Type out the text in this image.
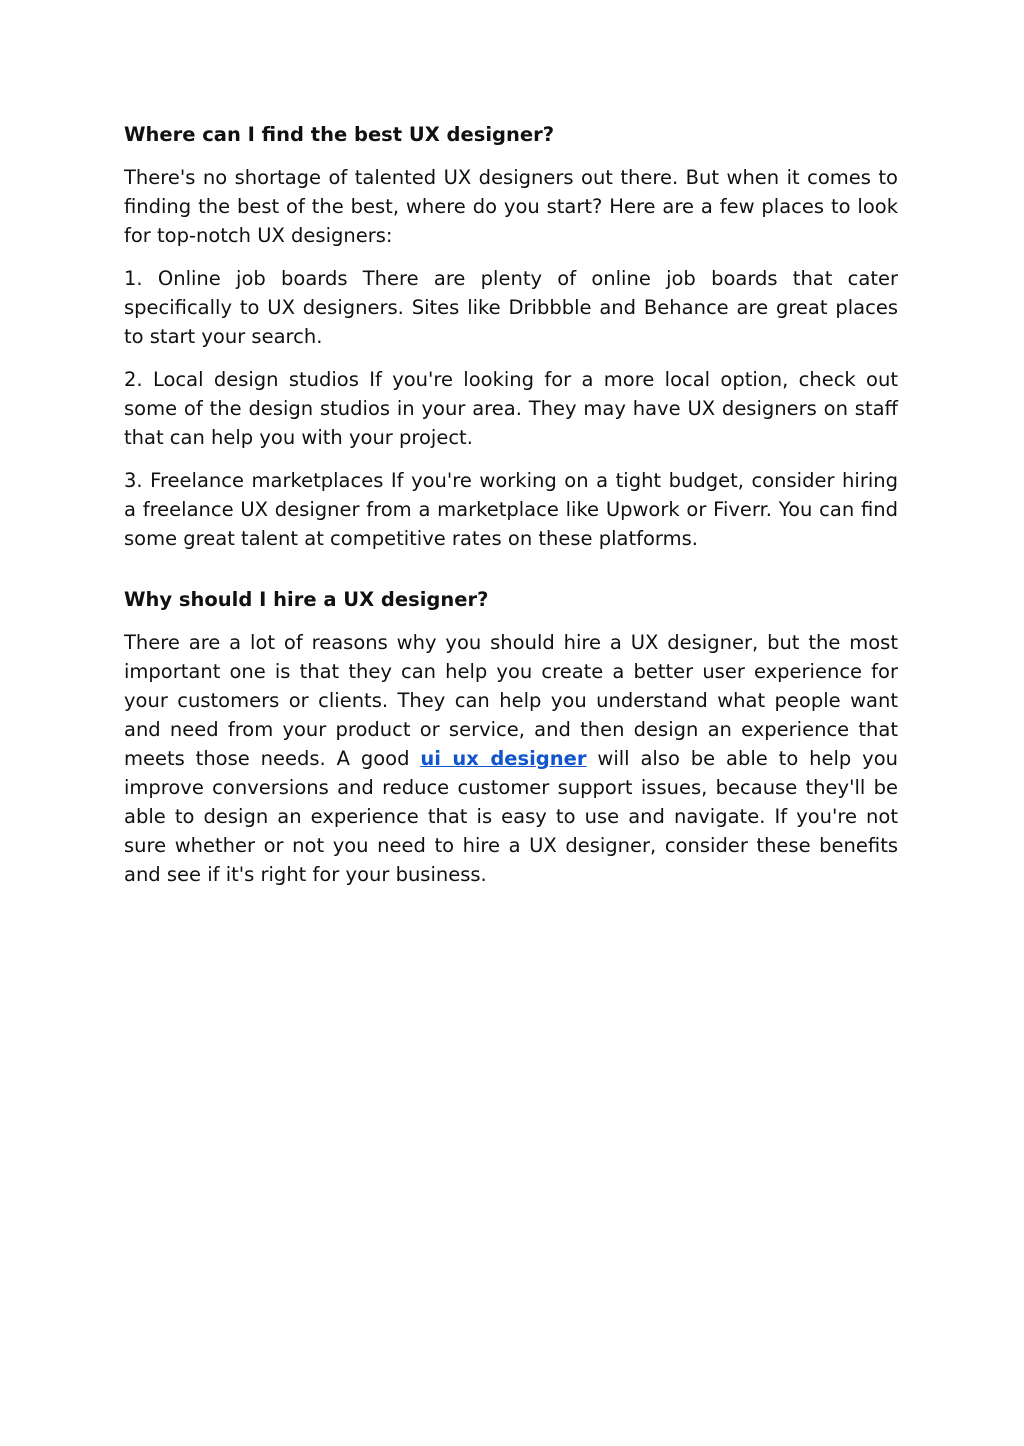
Where can I find the best UX designer?

There's no shortage of talented UX designers out there. But when it comes to finding the best of the best, where do you start? Here are a few places to look for top-notch UX designers:

1. Online job boards There are plenty of online job boards that cater specifically to UX designers. Sites like Dribbble and Behance are great places to start your search.

2. Local design studios If you're looking for a more local option, check out some of the design studios in your area. They may have UX designers on staff that can help you with your project.

3. Freelance marketplaces If you're working on a tight budget, consider hiring a freelance UX designer from a marketplace like Upwork or Fiverr. You can find some great talent at competitive rates on these platforms.

Why should I hire a UX designer?

There are a lot of reasons why you should hire a UX designer, but the most important one is that they can help you create a better user experience for your customers or clients. They can help you understand what people want and need from your product or service, and then design an experience that meets those needs. A good ui ux designer will also be able to help you improve conversions and reduce customer support issues, because they'll be able to design an experience that is easy to use and navigate. If you're not sure whether or not you need to hire a UX designer, consider these benefits and see if it's right for your business.
